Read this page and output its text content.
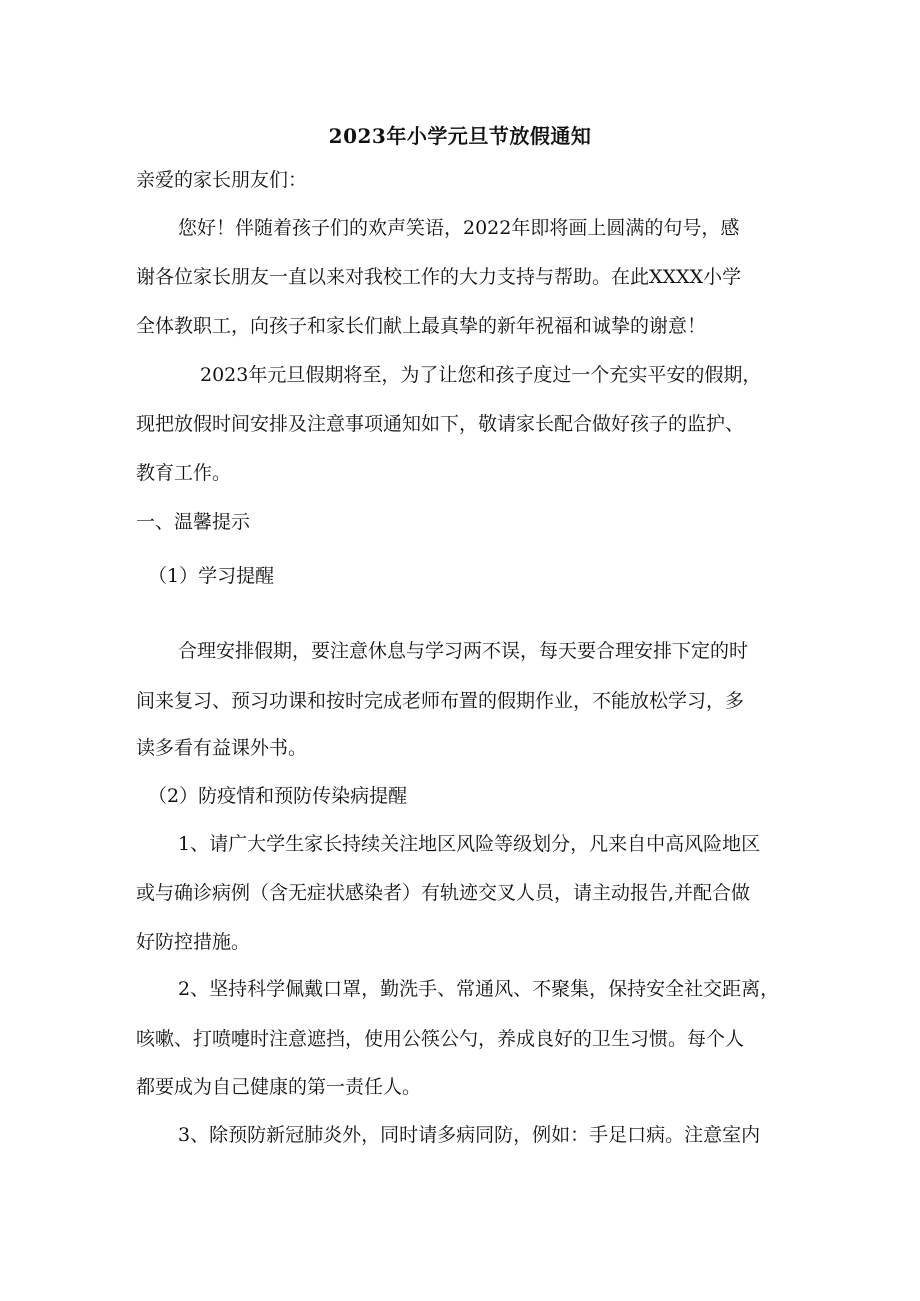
2023年小学元旦节放假通知
亲爱的家长朋友们：
您好！伴随着孩子们的欢声笑语，2022年即将画上圆满的句号，感
谢各位家长朋友一直以来对我校工作的大力支持与帮助。在此XXXX小学
全体教职工，向孩子和家长们献上最真挚的新年祝福和诚挚的谢意！
2023年元旦假期将至，为了让您和孩子度过一个充实平安的假期，
现把放假时间安排及注意事项通知如下，敬请家长配合做好孩子的监护、
教育工作。
一、温馨提示
（1）学习提醒
合理安排假期，要注意休息与学习两不误，每天要合理安排下定的时
间来复习、预习功课和按时完成老师布置的假期作业，不能放松学习，多
读多看有益课外书。
（2）防疫情和预防传染病提醒
1、请广大学生家长持续关注地区风险等级划分，凡来自中高风险地区
或与确诊病例（含无症状感染者）有轨迹交叉人员，请主动报告,并配合做
好防控措施。
2、坚持科学佩戴口罩，勤洗手、常通风、不聚集，保持安全社交距离，
咳嗽、打喷嚏时注意遮挡，使用公筷公勺，养成良好的卫生习惯。每个人
都要成为自己健康的第一责任人。
3、除预防新冠肺炎外，同时请多病同防，例如：手足口病。注意室内
